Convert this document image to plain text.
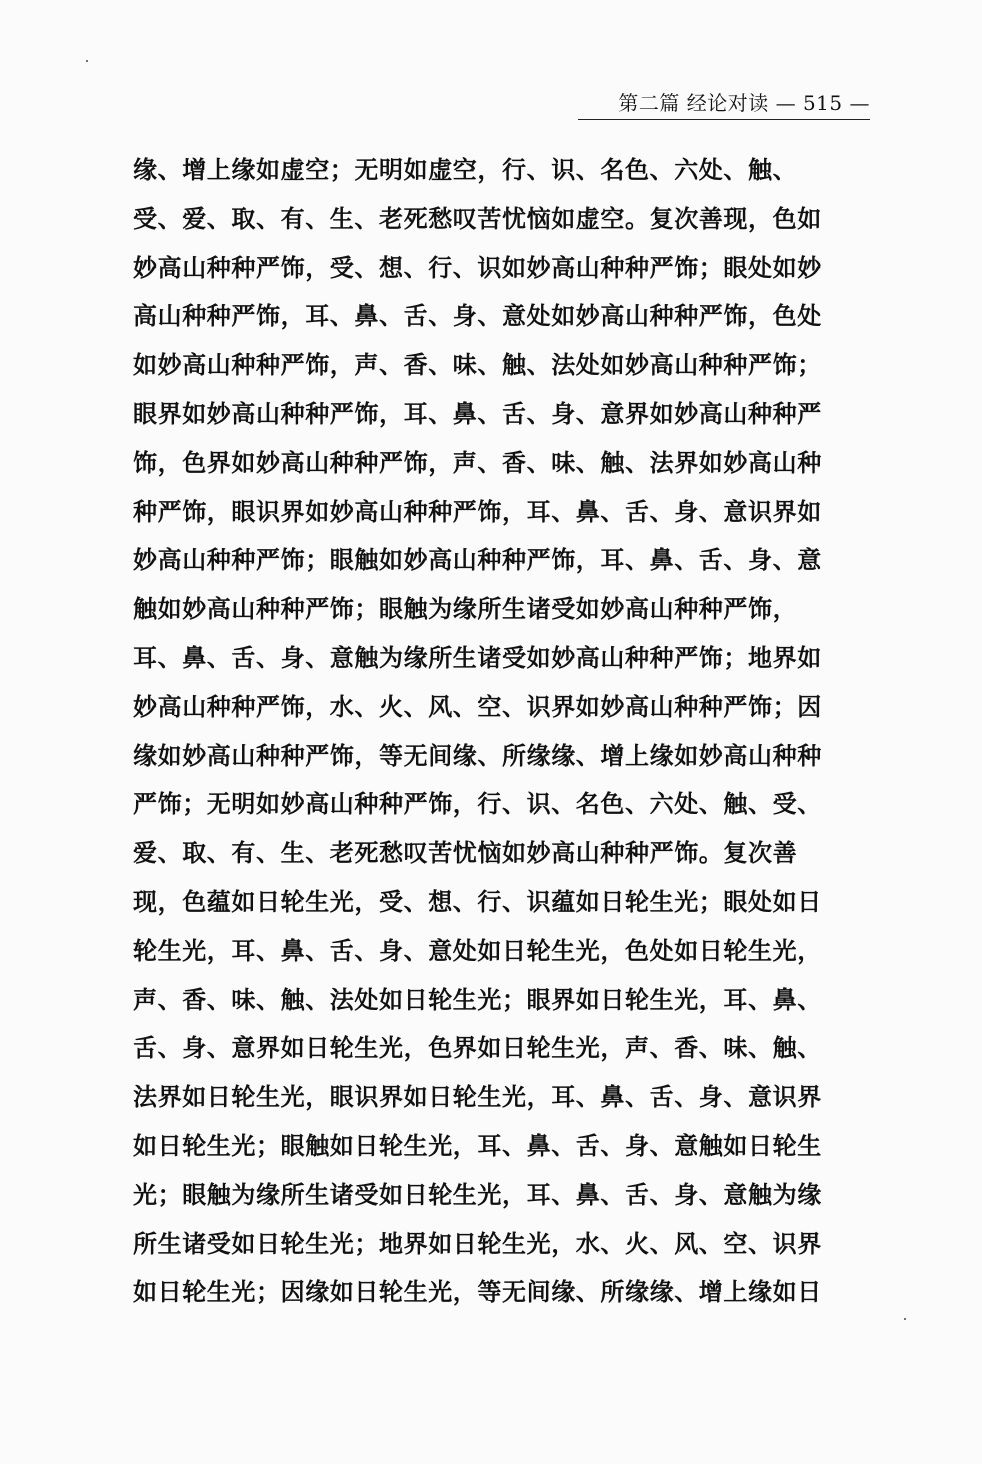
第二篇 经论对读 — 515 —
缘、增上缘如虚空；无明如虚空，行、识、名色、六处、触、
受、爱、取、有、生、老死愁叹苦忧恼如虚空。复次善现，色如
妙高山种种严饰，受、想、行、识如妙高山种种严饰；眼处如妙
高山种种严饰，耳、鼻、舌、身、意处如妙高山种种严饰，色处
如妙高山种种严饰，声、香、味、触、法处如妙高山种种严饰；
眼界如妙高山种种严饰，耳、鼻、舌、身、意界如妙高山种种严
饰，色界如妙高山种种严饰，声、香、味、触、法界如妙高山种
种严饰，眼识界如妙高山种种严饰，耳、鼻、舌、身、意识界如
妙高山种种严饰；眼触如妙高山种种严饰，耳、鼻、舌、身、意
触如妙高山种种严饰；眼触为缘所生诸受如妙高山种种严饰，
耳、鼻、舌、身、意触为缘所生诸受如妙高山种种严饰；地界如
妙高山种种严饰，水、火、风、空、识界如妙高山种种严饰；因
缘如妙高山种种严饰，等无间缘、所缘缘、增上缘如妙高山种种
严饰；无明如妙高山种种严饰，行、识、名色、六处、触、受、
爱、取、有、生、老死愁叹苦忧恼如妙高山种种严饰。复次善
现，色蕴如日轮生光，受、想、行、识蕴如日轮生光；眼处如日
轮生光，耳、鼻、舌、身、意处如日轮生光，色处如日轮生光，
声、香、味、触、法处如日轮生光；眼界如日轮生光，耳、鼻、
舌、身、意界如日轮生光，色界如日轮生光，声、香、味、触、
法界如日轮生光，眼识界如日轮生光，耳、鼻、舌、身、意识界
如日轮生光；眼触如日轮生光，耳、鼻、舌、身、意触如日轮生
光；眼触为缘所生诸受如日轮生光，耳、鼻、舌、身、意触为缘
所生诸受如日轮生光；地界如日轮生光，水、火、风、空、识界
如日轮生光；因缘如日轮生光，等无间缘、所缘缘、增上缘如日
